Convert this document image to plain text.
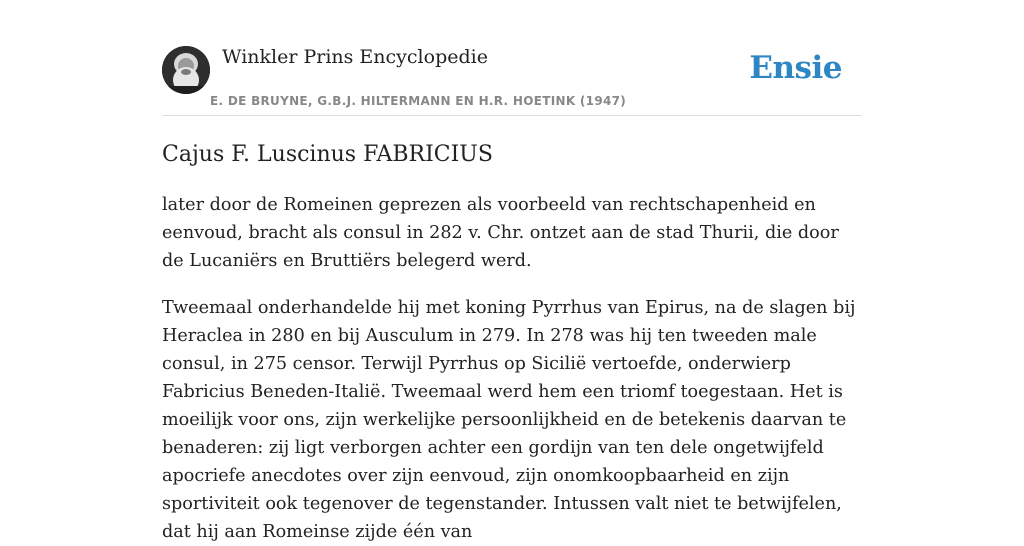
Winkler Prins Encyclopedie
E. DE BRUYNE, G.B.J. HILTERMANN EN H.R. HOETINK (1947)
Ensie
Cajus F. Luscinus FABRICIUS

later door de Romeinen geprezen als voorbeeld van rechtschapenheid en eenvoud, bracht als consul in 282 v. Chr. ontzet aan de stad Thurii, die door de Lucaniërs en Bruttiërs belegerd werd.

Tweemaal onderhandelde hij met koning Pyrrhus van Epirus, na de slagen bij Heraclea in 280 en bij Ausculum in 279. In 278 was hij ten tweeden male consul, in 275 censor. Terwijl Pyrrhus op Sicilië vertoefde, onderwierp Fabricius Beneden-Italië. Tweemaal werd hem een triomf toegestaan. Het is moeilijk voor ons, zijn werkelijke persoonlijkheid en de betekenis daarvan te benaderen: zij ligt verborgen achter een gordijn van ten dele ongetwijfeld apocriefe anecdotes over zijn eenvoud, zijn onomkoopbaarheid en zijn sportiviteit ook tegenover de tegenstander. Intussen valt niet te betwijfelen, dat hij aan Romeinse zijde één van
